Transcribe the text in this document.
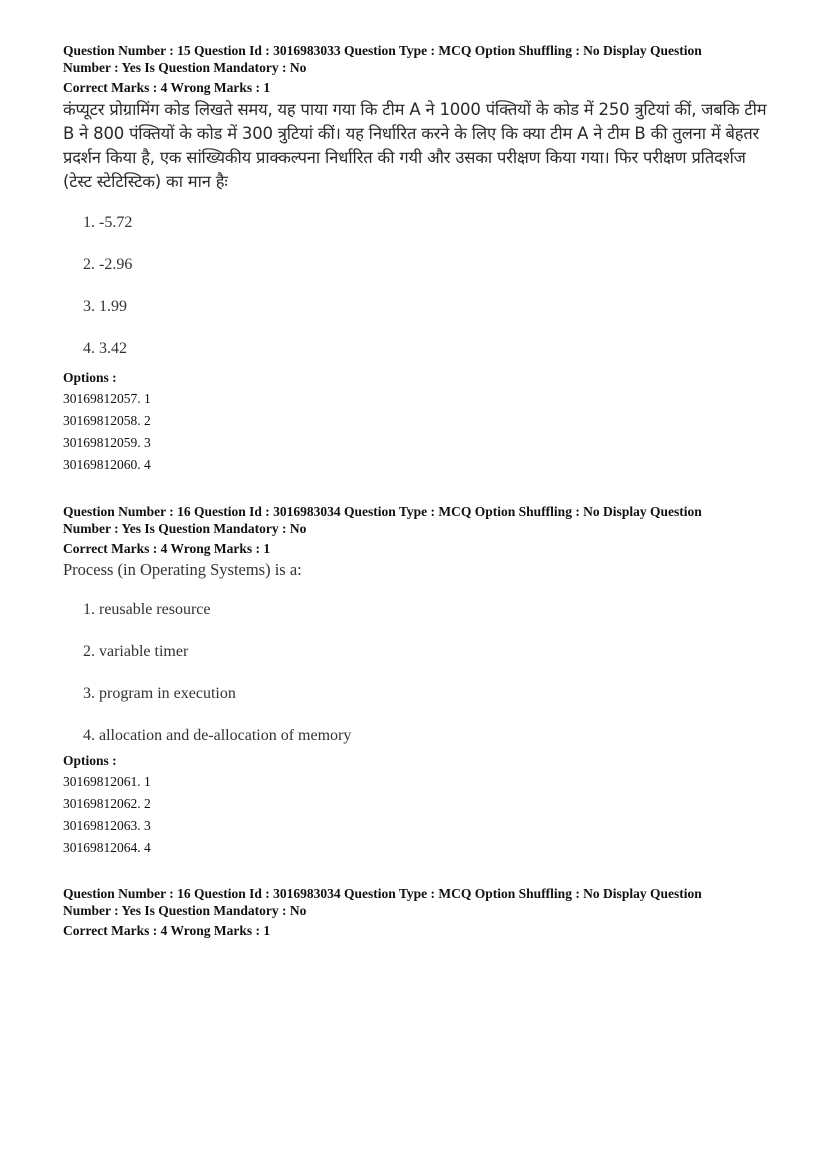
Question Number : 15 Question Id : 3016983033 Question Type : MCQ Option Shuffling : No Display Question

Number : Yes Is Question Mandatory : No

Correct Marks : 4 Wrong Marks : 1

कंप्यूटर प्रोग्रामिंग कोड लिखते समय, यह पाया गया कि टीम A ने 1000 पंक्तियों के कोड में 250 त्रुटियां कीं, जबकि टीम B ने 800 पंक्तियों के कोड में 300 त्रुटियां कीं। यह निर्धारित करने के लिए कि क्या टीम A ने टीम B की तुलना में बेहतर प्रदर्शन किया है, एक सांख्यिकीय प्राक्कल्पना निर्धारित की गयी और उसका परीक्षण किया गया। फिर परीक्षण प्रतिदर्शज (टेस्ट स्टेटिस्टिक) का मान हैः

1. -5.72
2. -2.96
3. 1.99
4. 3.42

Options :

30169812057. 1

30169812058. 2

30169812059. 3

30169812060. 4

Question Number : 16 Question Id : 3016983034 Question Type : MCQ Option Shuffling : No Display Question

Number : Yes Is Question Mandatory : No

Correct Marks : 4 Wrong Marks : 1

Process (in Operating Systems) is a:

1. reusable resource
2. variable timer
3. program in execution
4. allocation and de-allocation of memory

Options :

30169812061. 1

30169812062. 2

30169812063. 3

30169812064. 4

Question Number : 16 Question Id : 3016983034 Question Type : MCQ Option Shuffling : No Display Question

Number : Yes Is Question Mandatory : No

Correct Marks : 4 Wrong Marks : 1
